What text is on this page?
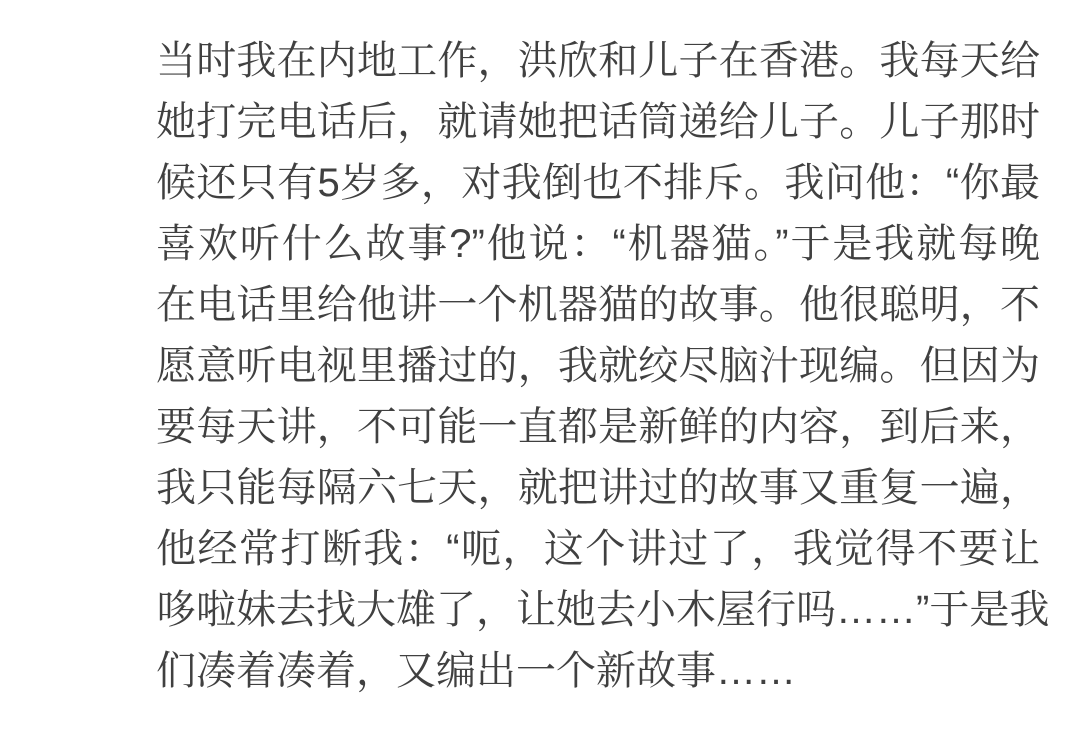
当时我在内地工作，洪欣和儿子在香港。我每天给
她打完电话后，就请她把话筒递给儿子。儿子那时
候还只有5岁多，对我倒也不排斥。我问他：“你最
喜欢听什么故事?”他说：“机器猫。”于是我就每晚
在电话里给他讲一个机器猫的故事。他很聪明，不
愿意听电视里播过的，我就绞尽脑汁现编。但因为
要每天讲，不可能一直都是新鲜的内容，到后来，
我只能每隔六七天，就把讲过的故事又重复一遍，
他经常打断我：“呃，这个讲过了，我觉得不要让
哆啦妹去找大雄了，让她去小木屋行吗……”于是我
们凑着凑着，又编出一个新故事……
